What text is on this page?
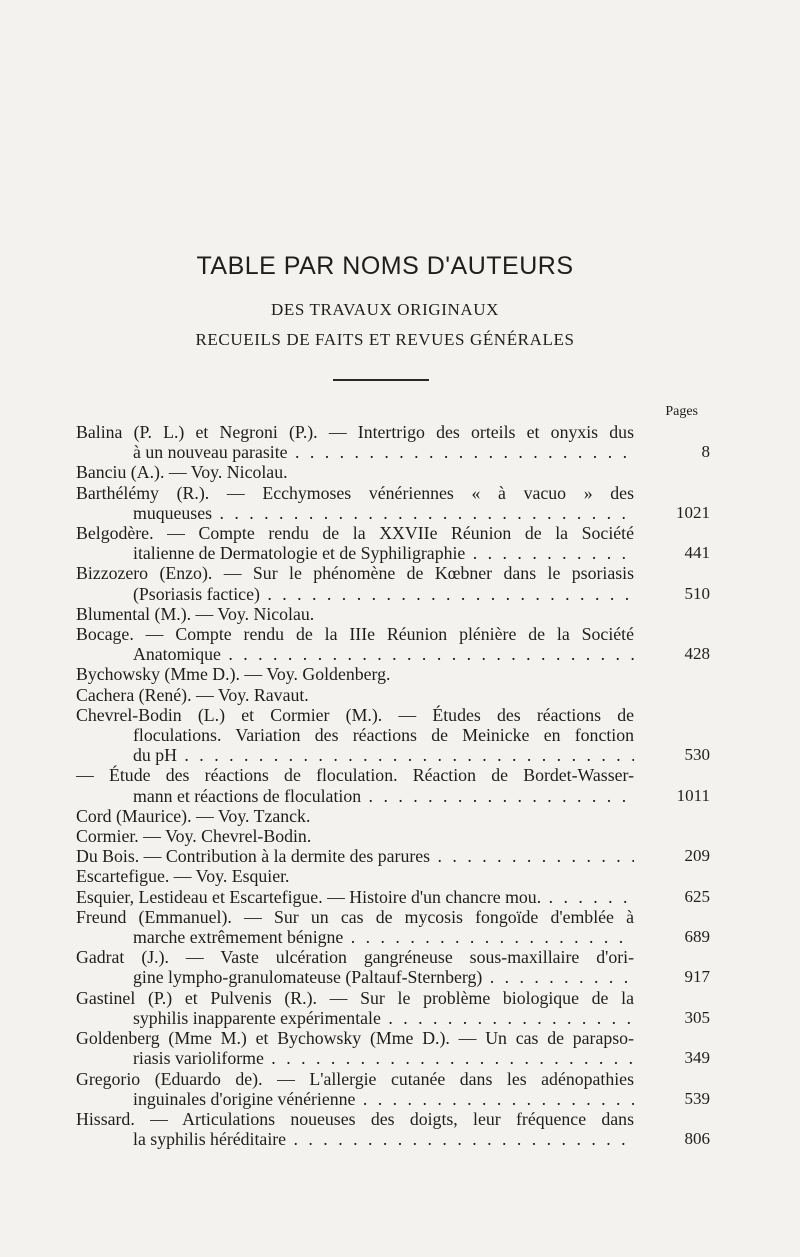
TABLE PAR NOMS D'AUTEURS
DES TRAVAUX ORIGINAUX
RECUEILS DE FAITS ET REVUES GÉNÉRALES
Pages
Balina (P. L.) et Negroni (P.). — Intertrigo des orteils et onyxis dus
à un nouveau parasite . . .	8
Banciu (A.). — Voy. Nicolau.
Barthélémy (R.). — Ecchymoses vénériennes « à vacuo » des
muqueuses . . .	1021
Belgodère. — Compte rendu de la XXVIIe Réunion de la Société
italienne de Dermatologie et de Syphiligraphie . . .	441
Bizzozero (Enzo). — Sur le phénomène de Kœbner dans le psoriasis
(Psoriasis factice) . . .	510
Blumental (M.). — Voy. Nicolau.
Bocage. — Compte rendu de la IIIe Réunion plénière de la Société
Anatomique . . .	428
Bychowsky (Mme D.). — Voy. Goldenberg.
Cachera (René). — Voy. Ravaut.
Chevrel-Bodin (L.) et Cormier (M.). — Études des réactions de
floculations. Variation des réactions de Meinicke en fonction
du pH . . .	530
— Étude des réactions de floculation. Réaction de Bordet-Wasser-
mann et réactions de floculation . . .	1011
Cord (Maurice). — Voy. Tzanck.
Cormier. — Voy. Chevrel-Bodin.
Du Bois. — Contribution à la dermite des parures . . .	209
Escartefigue. — Voy. Esquier.
Esquier, Lestideau et Escartefigue. — Histoire d'un chancre mou. . . .	625
Freund (Emmanuel). — Sur un cas de mycosis fongoïde d'emblée à
marche extrêmement bénigne . . .	689
Gadrat (J.). — Vaste ulcération gangréneuse sous-maxillaire d'ori-
gine lympho-granulomateuse (Paltauf-Sternberg) . . .	917
Gastinel (P.) et Pulvenis (R.). — Sur le problème biologique de la
syphilis inapparente expérimentale . . .	305
Goldenberg (Mme M.) et Bychowsky (Mme D.). — Un cas de parapso-
riasis varioliforme . . .	349
Gregorio (Eduardo de). — L'allergie cutanée dans les adénopathies
inguinales d'origine vénérienne . . .	539
Hissard. — Articulations noueuses des doigts, leur fréquence dans
la syphilis héréditaire . . .	806
